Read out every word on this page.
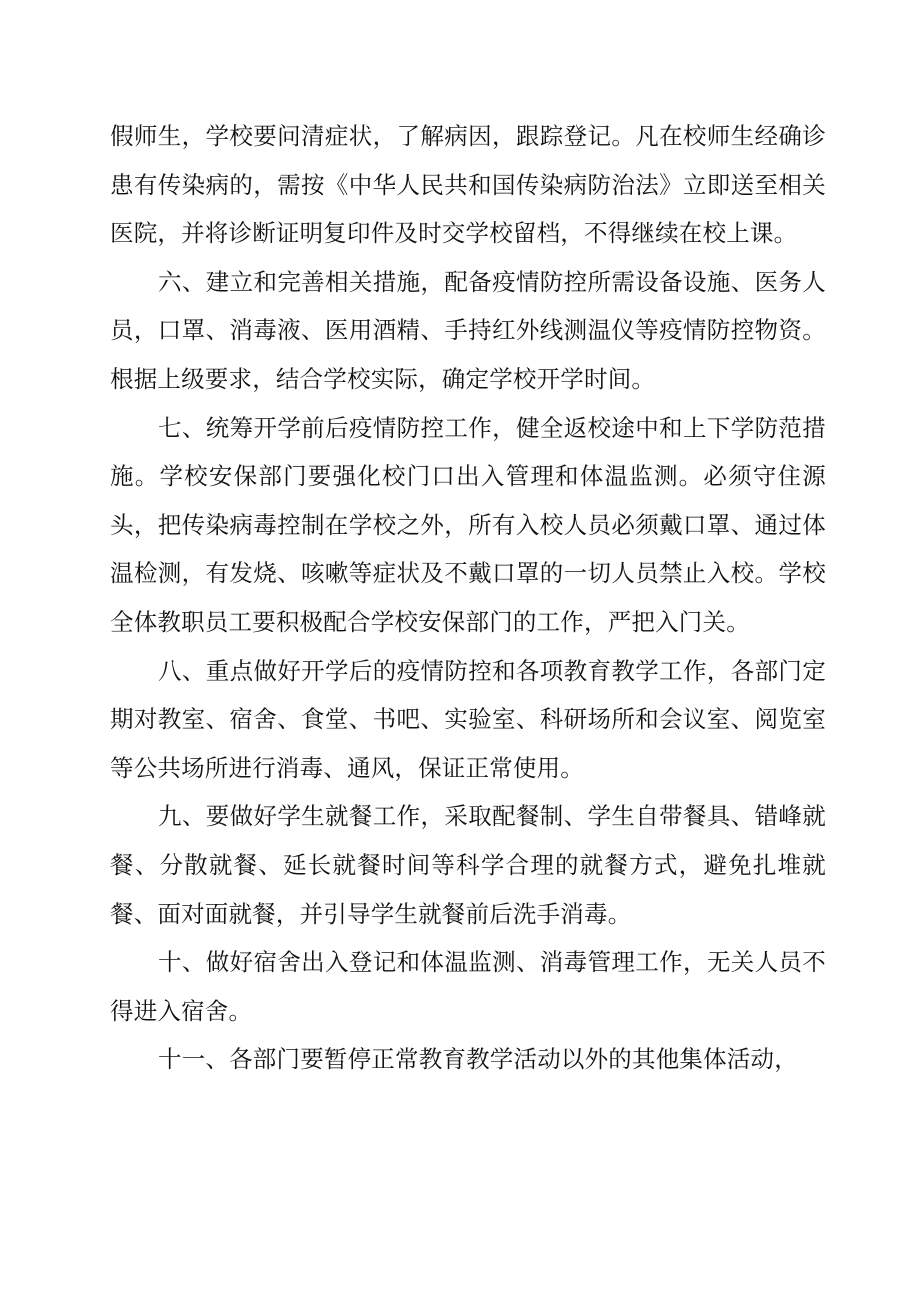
假师生，学校要问清症状，了解病因，跟踪登记。凡在校师生经确诊患有传染病的，需按《中华人民共和国传染病防治法》立即送至相关医院，并将诊断证明复印件及时交学校留档，不得继续在校上课。

六、建立和完善相关措施，配备疫情防控所需设备设施、医务人员，口罩、消毒液、医用酒精、手持红外线测温仪等疫情防控物资。根据上级要求，结合学校实际，确定学校开学时间。

七、统筹开学前后疫情防控工作，健全返校途中和上下学防范措施。学校安保部门要强化校门口出入管理和体温监测。必须守住源头，把传染病毒控制在学校之外，所有入校人员必须戴口罩、通过体温检测，有发烧、咳嗽等症状及不戴口罩的一切人员禁止入校。学校全体教职员工要积极配合学校安保部门的工作，严把入门关。

八、重点做好开学后的疫情防控和各项教育教学工作，各部门定期对教室、宿舍、食堂、书吧、实验室、科研场所和会议室、阅览室等公共场所进行消毒、通风，保证正常使用。

九、要做好学生就餐工作，采取配餐制、学生自带餐具、错峰就餐、分散就餐、延长就餐时间等科学合理的就餐方式，避免扎堆就餐、面对面就餐，并引导学生就餐前后洗手消毒。

十、做好宿舍出入登记和体温监测、消毒管理工作，无关人员不得进入宿舍。

十一、各部门要暂停正常教育教学活动以外的其他集体活动，
